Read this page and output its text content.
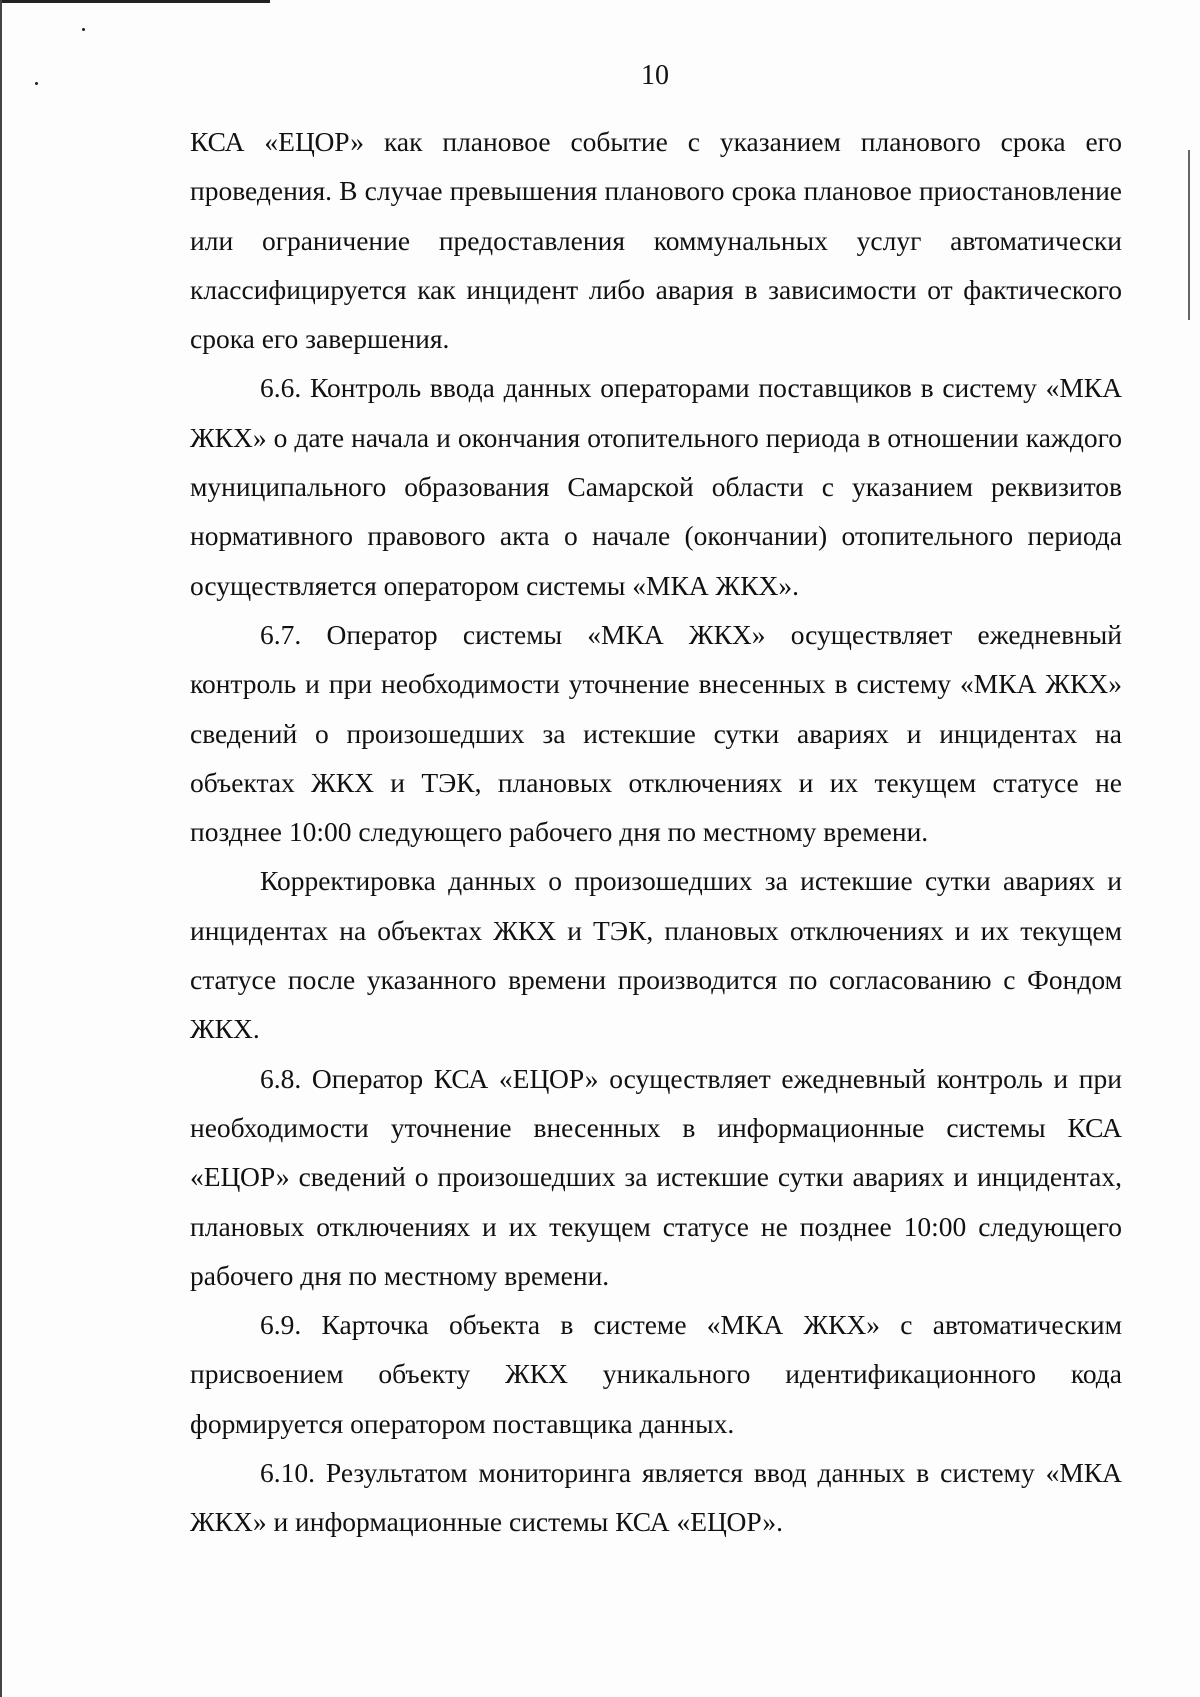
10

КСА «ЕЦОР» как плановое событие с указанием планового срока его проведения. В случае превышения планового срока плановое приостановление или ограничение предоставления коммунальных услуг автоматически классифицируется как инцидент либо авария в зависимости от фактического срока его завершения.

6.6. Контроль ввода данных операторами поставщиков в систему «МКА ЖКХ» о дате начала и окончания отопительного периода в отношении каждого муниципального образования Самарской области с указанием реквизитов нормативного правового акта о начале (окончании) отопительного периода осуществляется оператором системы «МКА ЖКХ».

6.7. Оператор системы «МКА ЖКХ» осуществляет ежедневный контроль и при необходимости уточнение внесенных в систему «МКА ЖКХ» сведений о произошедших за истекшие сутки авариях и инцидентах на объектах ЖКХ и ТЭК, плановых отключениях и их текущем статусе не позднее 10:00 следующего рабочего дня по местному времени.

Корректировка данных о произошедших за истекшие сутки авариях и инцидентах на объектах ЖКХ и ТЭК, плановых отключениях и их текущем статусе после указанного времени производится по согласованию с Фондом ЖКХ.

6.8. Оператор КСА «ЕЦОР» осуществляет ежедневный контроль и при необходимости уточнение внесенных в информационные системы КСА «ЕЦОР» сведений о произошедших за истекшие сутки авариях и инцидентах, плановых отключениях и их текущем статусе не позднее 10:00 следующего рабочего дня по местному времени.

6.9. Карточка объекта в системе «МКА ЖКХ» с автоматическим присвоением объекту ЖКХ уникального идентификационного кода формируется оператором поставщика данных.

6.10. Результатом мониторинга является ввод данных в систему «МКА ЖКХ» и информационные системы КСА «ЕЦОР».
